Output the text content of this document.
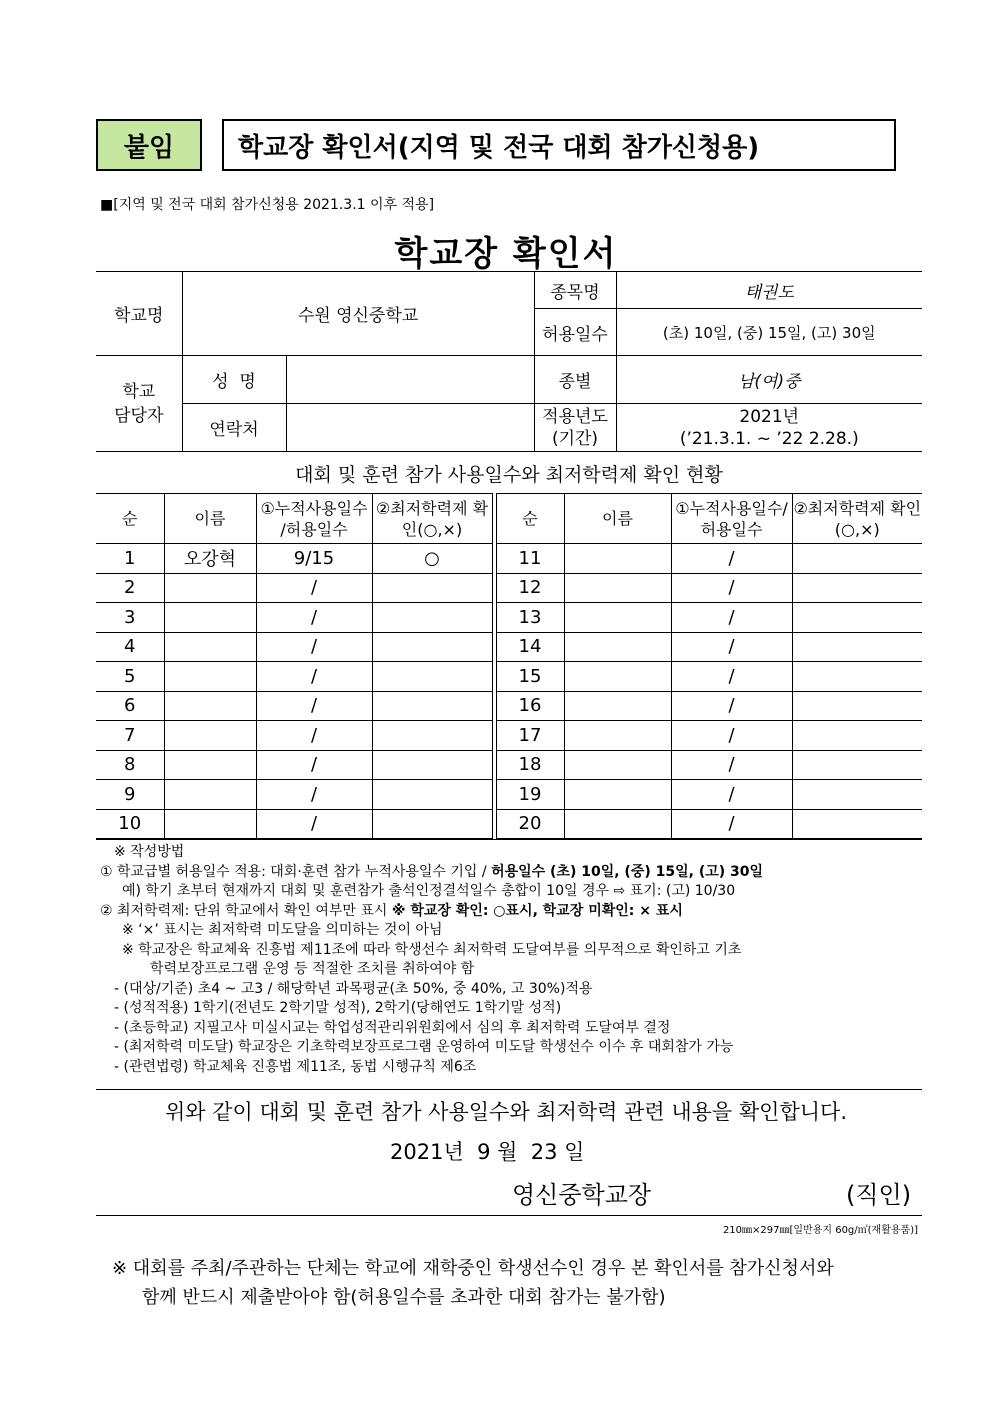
붙임	학교장 확인서(지역 및 전국 대회 참가신청용)
■[지역 및 전국 대회 참가신청용 2021.3.1 이후 적용]
학교장 확인서
학교명	수원 영신중학교		종목명	태권도
			허용일수	(초) 10일, (중) 15일, (고) 30일
학교 담당자	성  명		종별	남(여)중
	연락처		적용년도 (기간)	2021년
(’21.3.1. ~ ’22 2.28.)
대회 및 훈련 참가 사용일수와 최저학력제 확인 현황
순	이름	①누적사용일수 /허용일수	②최저학력제 확인(○,×)		순	이름	①누적사용일수/ 허용일수	②최저학력제 확인(○,×)
1	오강혁	9/15	○		11		/	
2		/			12		/	
3		/			13		/	
4		/			14		/	
5		/			15		/	
6		/			16		/	
7		/			17		/	
8		/			18		/	
9		/			19		/	
10		/			20		/	
※ 작성방법
① 학교급별 허용일수 적용: 대회·훈련 참가 누적사용일수 기입 / 허용일수 (초) 10일, (중) 15일, (고) 30일
예) 학기 초부터 현재까지 대회 및 훈련참가 출석인정결석일수 총합이 10일 경우 ⇨ 표기: (고) 10/30
② 최저학력제: 단위 학교에서 확인 여부만 표시 ※ 학교장 확인: ○표시, 학교장 미확인: × 표시
※ ‘×’ 표시는 최저학력 미도달을 의미하는 것이 아님
※ 학교장은 학교체육 진흥법 제11조에 따라 학생선수 최저학력 도달여부를 의무적으로 확인하고 기초
학력보장프로그램 운영 등 적절한 조치를 취하여야 함
- (대상/기준) 초4 ~ 고3 / 해당학년 과목평균(초 50%, 중 40%, 고 30%)적용
- (성적적용) 1학기(전년도 2학기말 성적), 2학기(당해연도 1학기말 성적)
- (초등학교) 지필고사 미실시교는 학업성적관리위원회에서 심의 후 최저학력 도달여부 결정
- (최저학력 미도달) 학교장은 기초학력보장프로그램 운영하여 미도달 학생선수 이수 후 대회참가 가능
- (관련법령) 학교체육 진흥법 제11조, 동법 시행규칙 제6조
위와 같이 대회 및 훈련 참가 사용일수와 최저학력 관련 내용을 확인합니다.
2021년  9 월  23 일
영신중학교장	(직인)
210㎜×297㎜[일반용지 60g/㎡(재활용품)]
※ 대회를 주최/주관하는 단체는 학교에 재학중인 학생선수인 경우 본 확인서를 참가신청서와
함께 반드시 제출받아야 함(허용일수를 초과한 대회 참가는 불가함)
